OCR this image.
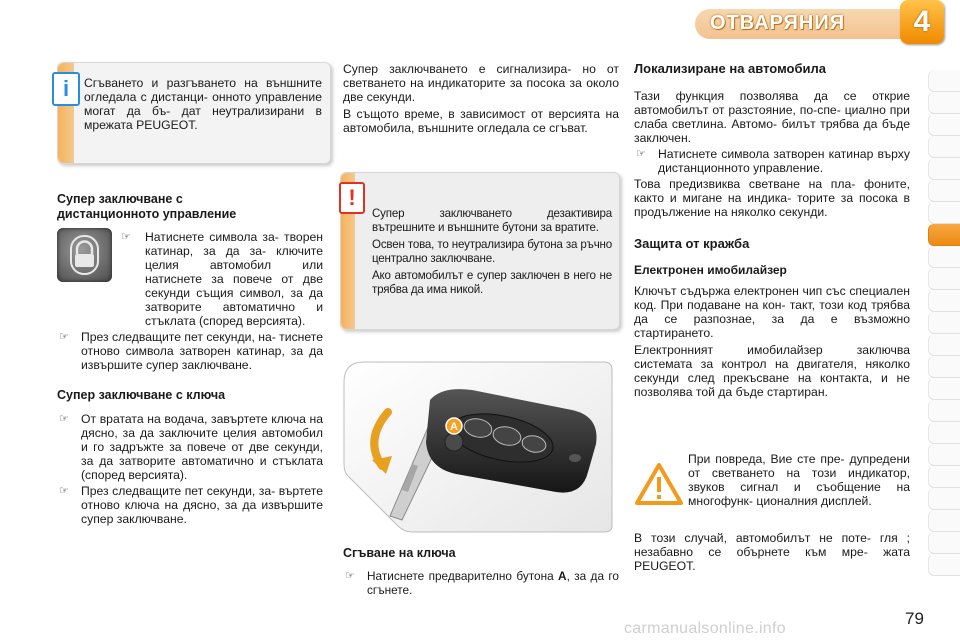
ОТВАРЯНИЯ	4
i	Сгъването и разгъването на външните огледала с дистанци- онното управление могат да бъ- дат неутрализирани в мрежата PEUGEOT.

Супер заключване с дистанционното управление

☞ Натиснете символа за- творен катинар, за да за- ключите целия автомобил или натиснете за повече от две секунди същия символ, за да затворите автоматично и стъклата (според версията).

☞ През следващите пет секунди, на- тиснете отново символа затворен катинар, за да извършите супер заключване.

Супер заключване с ключа

☞ От вратата на водача, завъртете ключа на дясно, за да заключите целия автомобил и го задръжте за повече от две секунди, за да затворите автоматично и стъклата (според версията).

☞ През следващите пет секунди, за- въртете отново ключа на дясно, за да извършите супер заключване.

Супер заключването е сигнализира- но от светването на индикаторите за посока за около две секунди.

В същото време, в зависимост от версията на автомобила, външните огледала се сгъват.

!

Супер заключването дезактивира вътрешните и външните бутони за вратите.

Освен това, то неутрализира бутона за ръчно централно заключване.

Ако автомобилът е супер заключен в него не трябва да има никой.

A

Сгъване на ключа

☞ Натиснете предварително бутона A, за да го сгънете.

Локализиране на автомобила

Тази функция позволява да се открие автомобилът от разстояние, по-спе- циално при слаба светлина. Автомо- билът трябва да бъде заключен.

☞ Натиснете символа затворен катинар върху дистанционното управление.

Това предизвиква светване на пла- фоните, както и мигане на индика- торите за посока в продължение на няколко секунди.

Защита от кражба

Електронен имобилайзер

Ключът съдържа електронен чип със специален код. При подаване на кон- такт, този код трябва да се разпознае, за да е възможно стартирането.

Електронният имобилайзер заключва системата за контрол на двигателя, няколко секунди след прекъсване на контакта, и не позволява той да бъде стартиран.

При повреда, Вие сте пре- дупредени от светването на този индикатор, звуков сигнал и съобщение на многофунк- ционалния дисплей.

В този случай, автомобилът не поте- гля ; незабавно се обърнете към мре- жата PEUGEOT.

79
carmanualsonline.info
